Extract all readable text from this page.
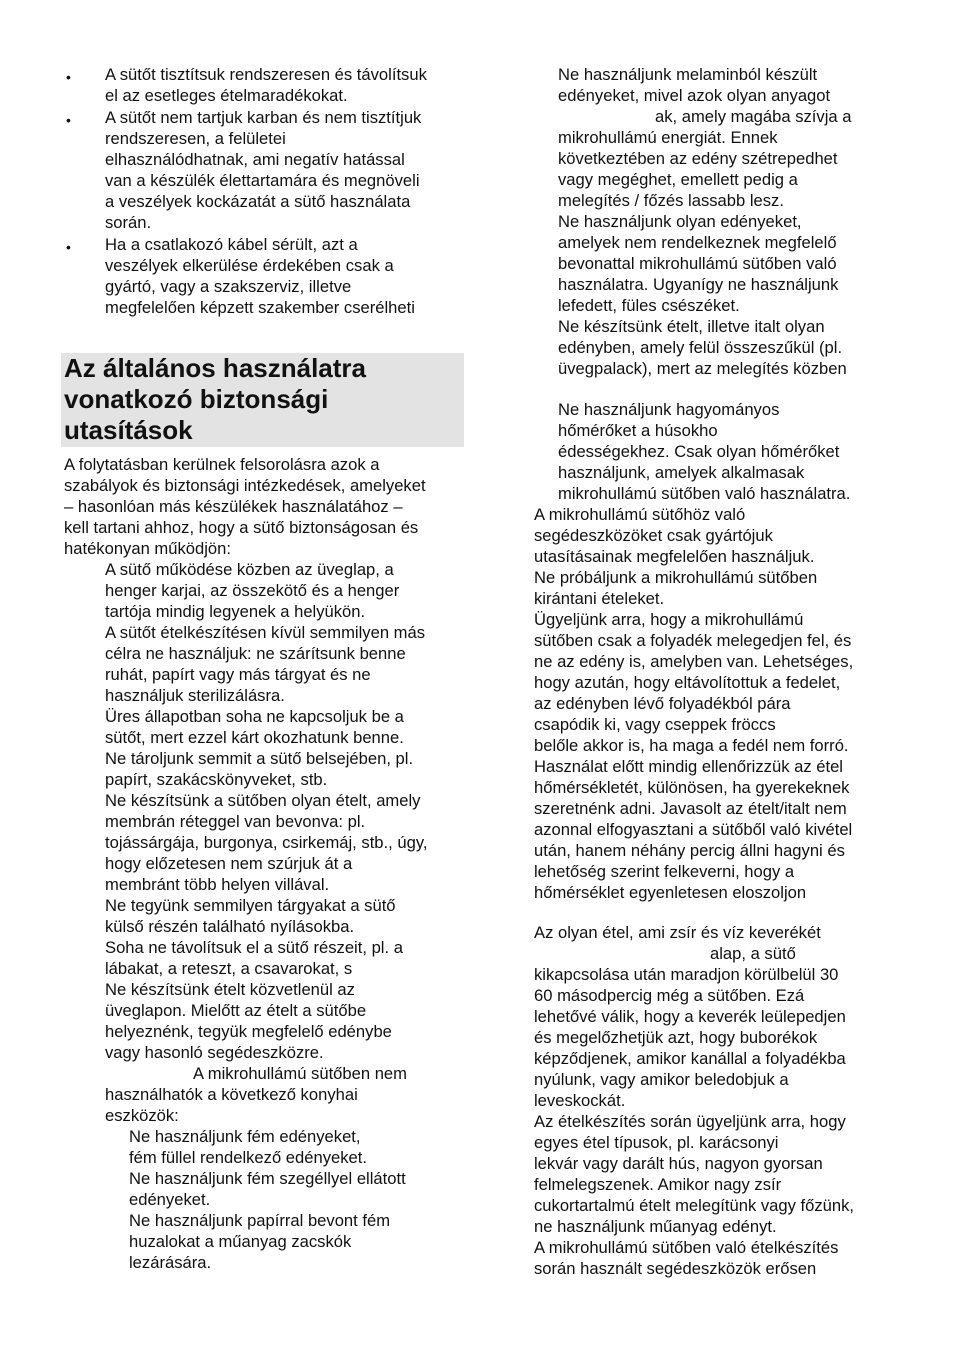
• A sütőt tisztítsuk rendszeresen és távolítsuk
el az esetleges ételmaradékokat.
• A sütőt nem tartjuk karban és nem tisztítjuk
rendszeresen, a felületei
elhasználódhatnak, ami negatív hatással
van a készülék élettartamára és megnöveli
a veszélyek kockázatát a sütő használata
során.
• Ha a csatlakozó kábel sérült, azt a
veszélyek elkerülése érdekében csak a
gyártó, vagy a szakszerviz, illetve
megfelelően képzett szakember cserélheti
Az általános használatra
vonatkozó biztonsági
utasítások
A folytatásban kerülnek felsorolásra azok a
szabályok és biztonsági intézkedések, amelyeket
– hasonlóan más készülékek használatához –
kell tartani ahhoz, hogy a sütő biztonságosan és
hatékonyan működjön:
A sütő működése közben az üveglap, a
henger karjai, az összekötő és a henger
tartója mindig legyenek a helyükön.
A sütőt ételkészítésen kívül semmilyen más
célra ne használjuk: ne szárítsunk benne
ruhát, papírt vagy más tárgyat és ne
használjuk sterilizálásra.
Üres állapotban soha ne kapcsoljuk be a
sütőt, mert ezzel kárt okozhatunk benne.
Ne tároljunk semmit a sütő belsejében, pl.
papírt, szakácskönyveket, stb.
Ne készítsünk a sütőben olyan ételt, amely
membrán réteggel van bevonva: pl.
tojássárgája, burgonya, csirkemáj, stb., úgy,
hogy előzetesen nem szúrjuk át a
membránt több helyen villával.
Ne tegyünk semmilyen tárgyakat a sütő
külső részén található nyílásokba.
Soha ne távolítsuk el a sütő részeit, pl. a
lábakat, a reteszt, a csavarokat, s
Ne készítsünk ételt közvetlenül az
üveglapon. Mielőtt az ételt a sütőbe
helyeznénk, tegyük megfelelő edénybe
vagy hasonló segédeszközre.
A mikrohullámú sütőben nem
használhatók a következő konyhai
eszközök:
Ne használjunk fém edényeket,
fém füllel rendelkező edényeket.
Ne használjunk fém szegéllyel ellátott
edényeket.
Ne használjunk papírral bevont fém
huzalokat a műanyag zacskók
lezárására.
Ne használjunk melaminból készült
edényeket, mivel azok olyan anyagot
ak, amely magába szívja a
mikrohullámú energiát. Ennek
következtében az edény szétrepedhet
vagy megéghet, emellett pedig a
melegítés / főzés lassabb lesz.
Ne használjunk olyan edényeket,
amelyek nem rendelkeznek megfelelő
bevonattal mikrohullámú sütőben való
használatra. Ugyanígy ne használjunk
lefedett, füles csészéket.
Ne készítsünk ételt, illetve italt olyan
edényben, amely felül összeszűkül (pl.
üvegpalack), mert az melegítés közben
Ne használjunk hagyományos
hőmérőket a húsokho
édességekhez. Csak olyan hőmérőket
használjunk, amelyek alkalmasak
mikrohullámú sütőben való használatra.
A mikrohullámú sütőhöz való
segédeszközöket csak gyártójuk
utasításainak megfelelően használjuk.
Ne próbáljunk a mikrohullámú sütőben
kirántani ételeket.
Ügyeljünk arra, hogy a mikrohullámú
sütőben csak a folyadék melegedjen fel, és
ne az edény is, amelyben van. Lehetséges,
hogy azután, hogy eltávolítottuk a fedelet,
az edényben lévő folyadékból pára
csapódik ki, vagy cseppek fröccs
belőle akkor is, ha maga a fedél nem forró.
Használat előtt mindig ellenőrizzük az étel
hőmérsékletét, különösen, ha gyerekeknek
szeretnénk adni. Javasolt az ételt/italt nem
azonnal elfogyasztani a sütőből való kivétel
után, hanem néhány percig állni hagyni és
lehetőség szerint felkeverni, hogy a
hőmérséklet egyenletesen eloszoljon
Az olyan étel, ami zsír és víz keverékét
alap, a sütő
kikapcsolása után maradjon körülbelül 30
60 másodpercig még a sütőben. Ezá
lehetővé válik, hogy a keverék leülepedjen
és megelőzhetjük azt, hogy buborékok
képződjenek, amikor kanállal a folyadékba
nyúlunk, vagy amikor beledobjuk a
leveskockát.
Az ételkészítés során ügyeljünk arra, hogy
egyes étel típusok, pl. karácsonyi
lekvár vagy darált hús, nagyon gyorsan
felmelegszenek. Amikor nagy zsír
cukortartalmú ételt melegítünk vagy főzünk,
ne használjunk műanyag edényt.
A mikrohullámú sütőben való ételkészítés
során használt segédeszközök erősen
